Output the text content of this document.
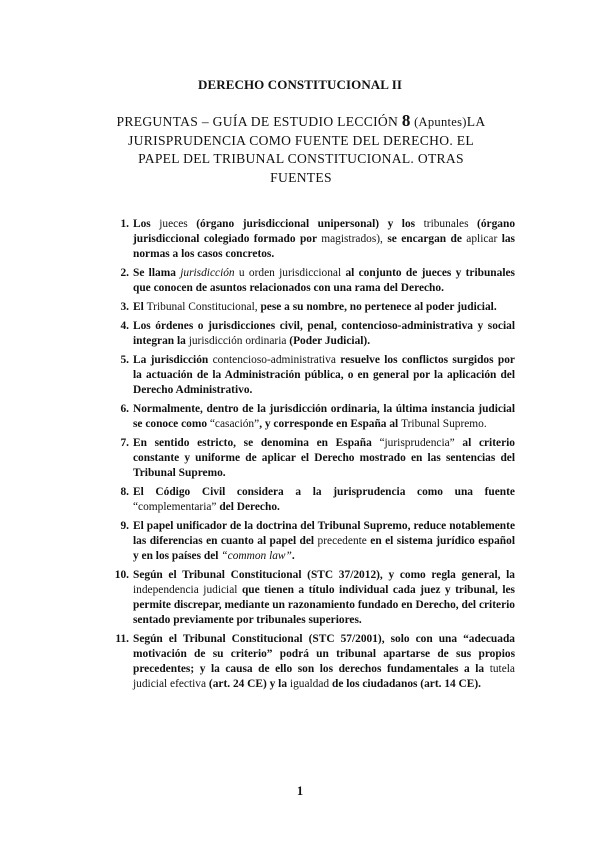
DERECHO CONSTITUCIONAL II
PREGUNTAS – GUÍA DE ESTUDIO LECCIÓN 8 (Apuntes)LA JURISPRUDENCIA COMO FUENTE DEL DERECHO. EL PAPEL DEL TRIBUNAL CONSTITUCIONAL. OTRAS FUENTES
1. Los jueces (órgano jurisdiccional unipersonal) y los tribunales (órgano jurisdiccional colegiado formado por magistrados), se encargan de aplicar las normas a los casos concretos.
2. Se llama jurisdicción u orden jurisdiccional al conjunto de jueces y tribunales que conocen de asuntos relacionados con una rama del Derecho.
3. El Tribunal Constitucional, pese a su nombre, no pertenece al poder judicial.
4. Los órdenes o jurisdicciones civil, penal, contencioso-administrativa y social integran la jurisdicción ordinaria (Poder Judicial).
5. La jurisdicción contencioso-administrativa resuelve los conflictos surgidos por la actuación de la Administración pública, o en general por la aplicación del Derecho Administrativo.
6. Normalmente, dentro de la jurisdicción ordinaria, la última instancia judicial se conoce como “casación”, y corresponde en España al Tribunal Supremo.
7. En sentido estricto, se denomina en España “jurisprudencia” al criterio constante y uniforme de aplicar el Derecho mostrado en las sentencias del Tribunal Supremo.
8. El Código Civil considera a la jurisprudencia como una fuente “complementaria” del Derecho.
9. El papel unificador de la doctrina del Tribunal Supremo, reduce notablemente las diferencias en cuanto al papel del precedente en el sistema jurídico español y en los países del “common law”.
10. Según el Tribunal Constitucional (STC 37/2012), y como regla general, la independencia judicial que tienen a título individual cada juez y tribunal, les permite discrepar, mediante un razonamiento fundado en Derecho, del criterio sentado previamente por tribunales superiores.
11. Según el Tribunal Constitucional (STC 57/2001), solo con una “adecuada motivación de su criterio” podrá un tribunal apartarse de sus propios precedentes; y la causa de ello son los derechos fundamentales a la tutela judicial efectiva (art. 24 CE) y la igualdad de los ciudadanos (art. 14 CE).
1
